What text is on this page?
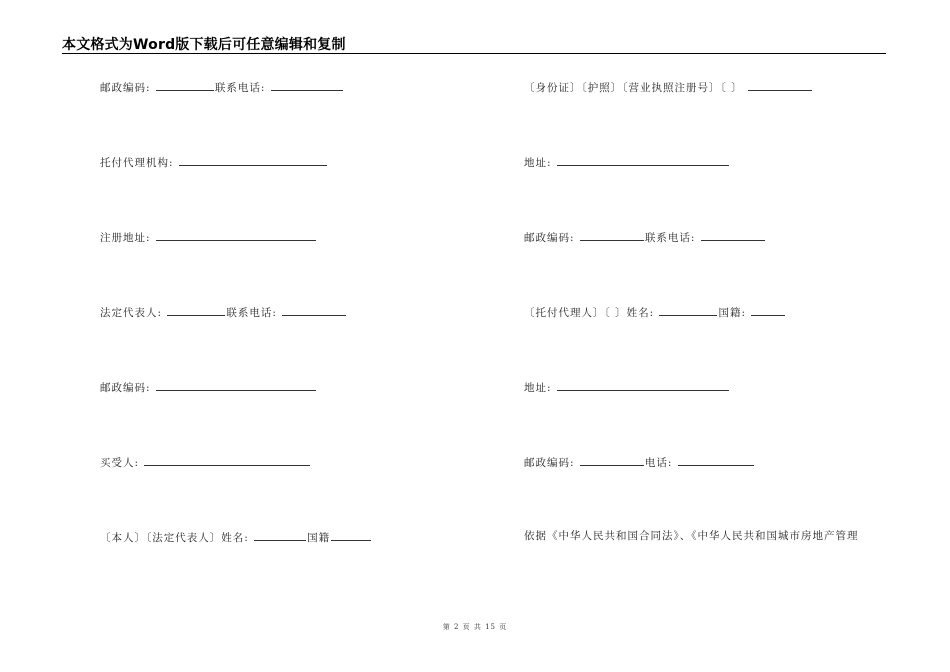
本文格式为Word版下载后可任意编辑和复制
邮政编码:	联系电话:
托付代理机构:
注册地址:
法定代表人:	联系电话:
邮政编码:
买受人:
〔本人〕〔法定代表人〕姓名:	国籍
〔身份证〕〔护照〕〔营业执照注册号〕〔 〕
地址:
邮政编码:	联系电话:
〔托付代理人〕〔 〕姓名:	国籍:
地址:
邮政编码:	电话:
依据《中华人民共和国合同法》、《中华人民共和国城市房地产管理
第 2 页 共 15 页
